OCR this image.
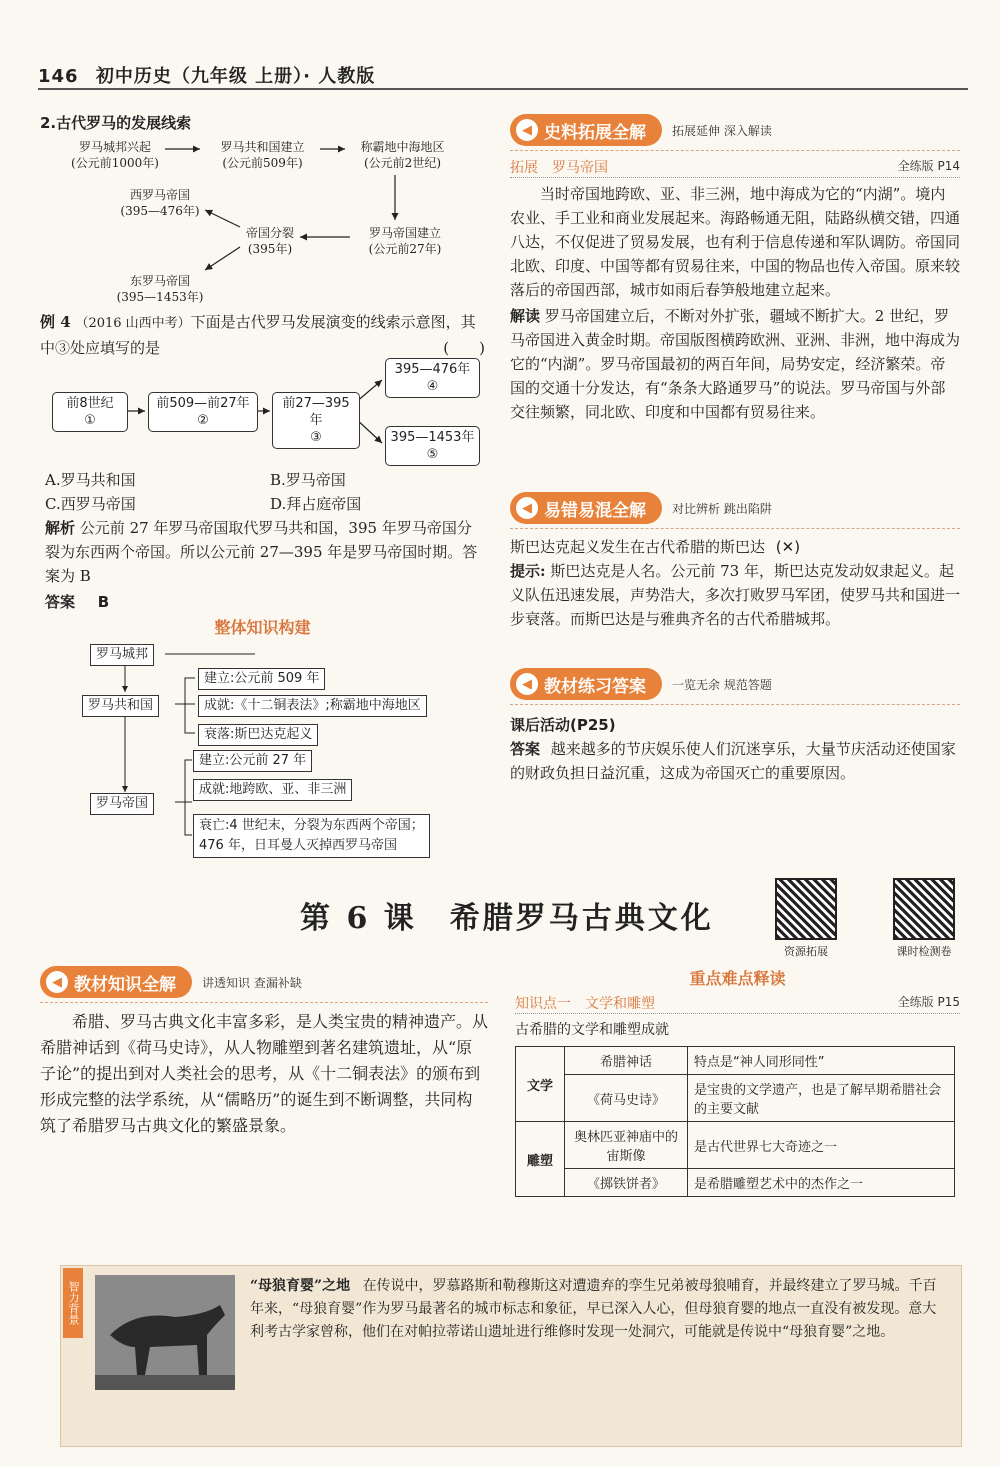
146 初中历史（九年级 上册）· 人教版
2.古代罗马的发展线索
罗马城邦兴起
(公元前1000年)
罗马共和国建立
(公元前509年)
称霸地中海地区
(公元前2世纪)
罗马帝国建立
(公元前27年)
帝国分裂
(395年)
西罗马帝国
(395—476年)
东罗马帝国
(395—1453年)
例 4 （2016 山西中考）下面是古代罗马发展演变的线索示意图，其中③处应填写的是	(　　)
前8世纪
①
前509—前27年
②
前27—395年
③
395—476年
④
395—1453年
⑤
A.罗马共和国	B.罗马帝国
C.西罗马帝国	D.拜占庭帝国
解析 公元前 27 年罗马帝国取代罗马共和国，395 年罗马帝国分裂为东西两个帝国。所以公元前 27—395 年是罗马帝国时期。答案为 B
答案 B
整体知识构建
罗马城邦
罗马共和国
建立:公元前 509 年
成就:《十二铜表法》;称霸地中海地区
衰落:斯巴达克起义
罗马帝国
建立:公元前 27 年
成就:地跨欧、亚、非三洲
衰亡:4 世纪末，分裂为东西两个帝国；
476 年，日耳曼人灭掉西罗马帝国
◀ 史料拓展全解 拓展延伸 深入解读
拓展　罗马帝国	全练版 P14
当时帝国地跨欧、亚、非三洲，地中海成为它的“内湖”。境内农业、手工业和商业发展起来。海路畅通无阻，陆路纵横交错，四通八达，不仅促进了贸易发展，也有利于信息传递和军队调防。帝国同北欧、印度、中国等都有贸易往来，中国的物品也传入帝国。原来较落后的帝国西部，城市如雨后春笋般地建立起来。
解读 罗马帝国建立后，不断对外扩张，疆域不断扩大。2 世纪，罗马帝国进入黄金时期。帝国版图横跨欧洲、亚洲、非洲，地中海成为它的“内湖”。罗马帝国最初的两百年间，局势安定，经济繁荣。帝国的交通十分发达，有“条条大路通罗马”的说法。罗马帝国与外部交往频繁，同北欧、印度和中国都有贸易往来。
◀ 易错易混全解 对比辨析 跳出陷阱
斯巴达克起义发生在古代希腊的斯巴达 (✕)
提示: 斯巴达克是人名。公元前 73 年，斯巴达克发动奴隶起义。起义队伍迅速发展，声势浩大，多次打败罗马军团，使罗马共和国进一步衰落。而斯巴达是与雅典齐名的古代希腊城邦。
◀ 教材练习答案 一览无余 规范答题
课后活动(P25)
答案 越来越多的节庆娱乐使人们沉迷享乐，大量节庆活动还使国家的财政负担日益沉重，这成为帝国灭亡的重要原因。
第 6 课　希腊罗马古典文化
资源拓展	课时检测卷
◀ 教材知识全解 讲透知识 查漏补缺
希腊、罗马古典文化丰富多彩，是人类宝贵的精神遗产。从希腊神话到《荷马史诗》，从人物雕塑到著名建筑遗址，从“原子论”的提出到对人类社会的思考，从《十二铜表法》的颁布到形成完整的法学系统，从“儒略历”的诞生到不断调整，共同构筑了希腊罗马古典文化的繁盛景象。
重点难点释读
知识点一　文学和雕塑	全练版 P15
古希腊的文学和雕塑成就
文学	希腊神话	特点是“神人同形同性”
	《荷马史诗》	是宝贵的文学遗产，也是了解早期希腊社会的主要文献
雕塑	奥林匹亚神庙中的宙斯像	是古代世界七大奇迹之一
	《掷铁饼者》	是希腊雕塑艺术中的杰作之一
智力背景	“母狼育婴”之地 在传说中，罗慕路斯和勒穆斯这对遭遗弃的孪生兄弟被母狼哺育，并最终建立了罗马城。千百年来，“母狼育婴”作为罗马最著名的城市标志和象征，早已深入人心，但母狼育婴的地点一直没有被发现。意大利考古学家曾称，他们在对帕拉蒂诺山遗址进行维修时发现一处洞穴，可能就是传说中“母狼育婴”之地。
